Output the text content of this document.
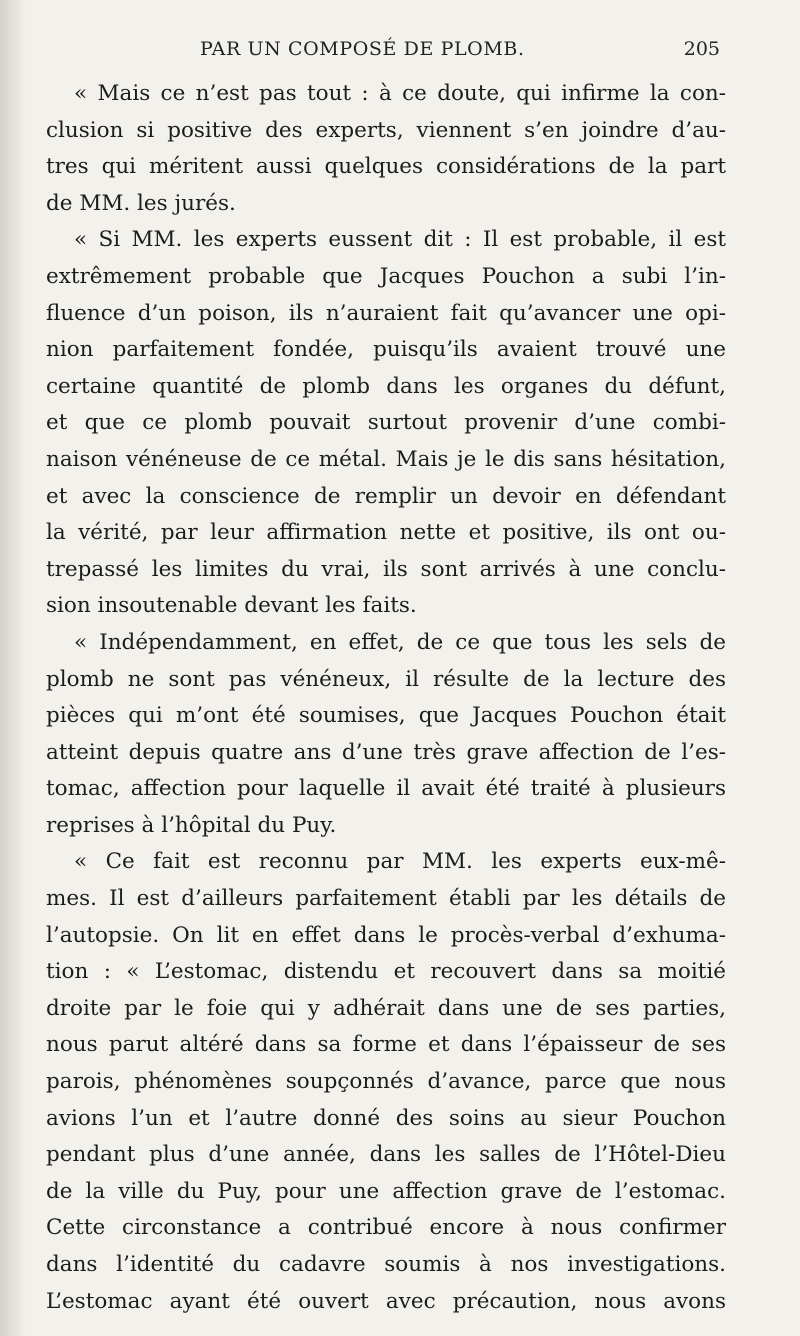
PAR UN COMPOSÉ DE PLOMB.	205
« Mais ce n’est pas tout : à ce doute, qui infirme la con-
clusion si positive des experts, viennent s’en joindre d’au-
tres qui méritent aussi quelques considérations de la part
de MM. les jurés.
« Si MM. les experts eussent dit : Il est probable, il est
extrêmement probable que Jacques Pouchon a subi l’in-
fluence d’un poison, ils n’auraient fait qu’avancer une opi-
nion parfaitement fondée, puisqu’ils avaient trouvé une
certaine quantité de plomb dans les organes du défunt,
et que ce plomb pouvait surtout provenir d’une combi-
naison vénéneuse de ce métal. Mais je le dis sans hésitation,
et avec la conscience de remplir un devoir en défendant
la vérité, par leur affirmation nette et positive, ils ont ou-
trepassé les limites du vrai, ils sont arrivés à une conclu-
sion insoutenable devant les faits.
« Indépendamment, en effet, de ce que tous les sels de
plomb ne sont pas vénéneux, il résulte de la lecture des
pièces qui m’ont été soumises, que Jacques Pouchon était
atteint depuis quatre ans d’une très grave affection de l’es-
tomac, affection pour laquelle il avait été traité à plusieurs
reprises à l’hôpital du Puy.
« Ce fait est reconnu par MM. les experts eux-mê-
mes. Il est d’ailleurs parfaitement établi par les détails de
l’autopsie. On lit en effet dans le procès-verbal d’exhuma-
tion : « L’estomac, distendu et recouvert dans sa moitié
droite par le foie qui y adhérait dans une de ses parties,
nous parut altéré dans sa forme et dans l’épaisseur de ses
parois, phénomènes soupçonnés d’avance, parce que nous
avions l’un et l’autre donné des soins au sieur Pouchon
pendant plus d’une année, dans les salles de l’Hôtel-Dieu
de la ville du Puy, pour une affection grave de l’estomac.
Cette circonstance a contribué encore à nous confirmer
dans l’identité du cadavre soumis à nos investigations.
L’estomac ayant été ouvert avec précaution, nous avons
